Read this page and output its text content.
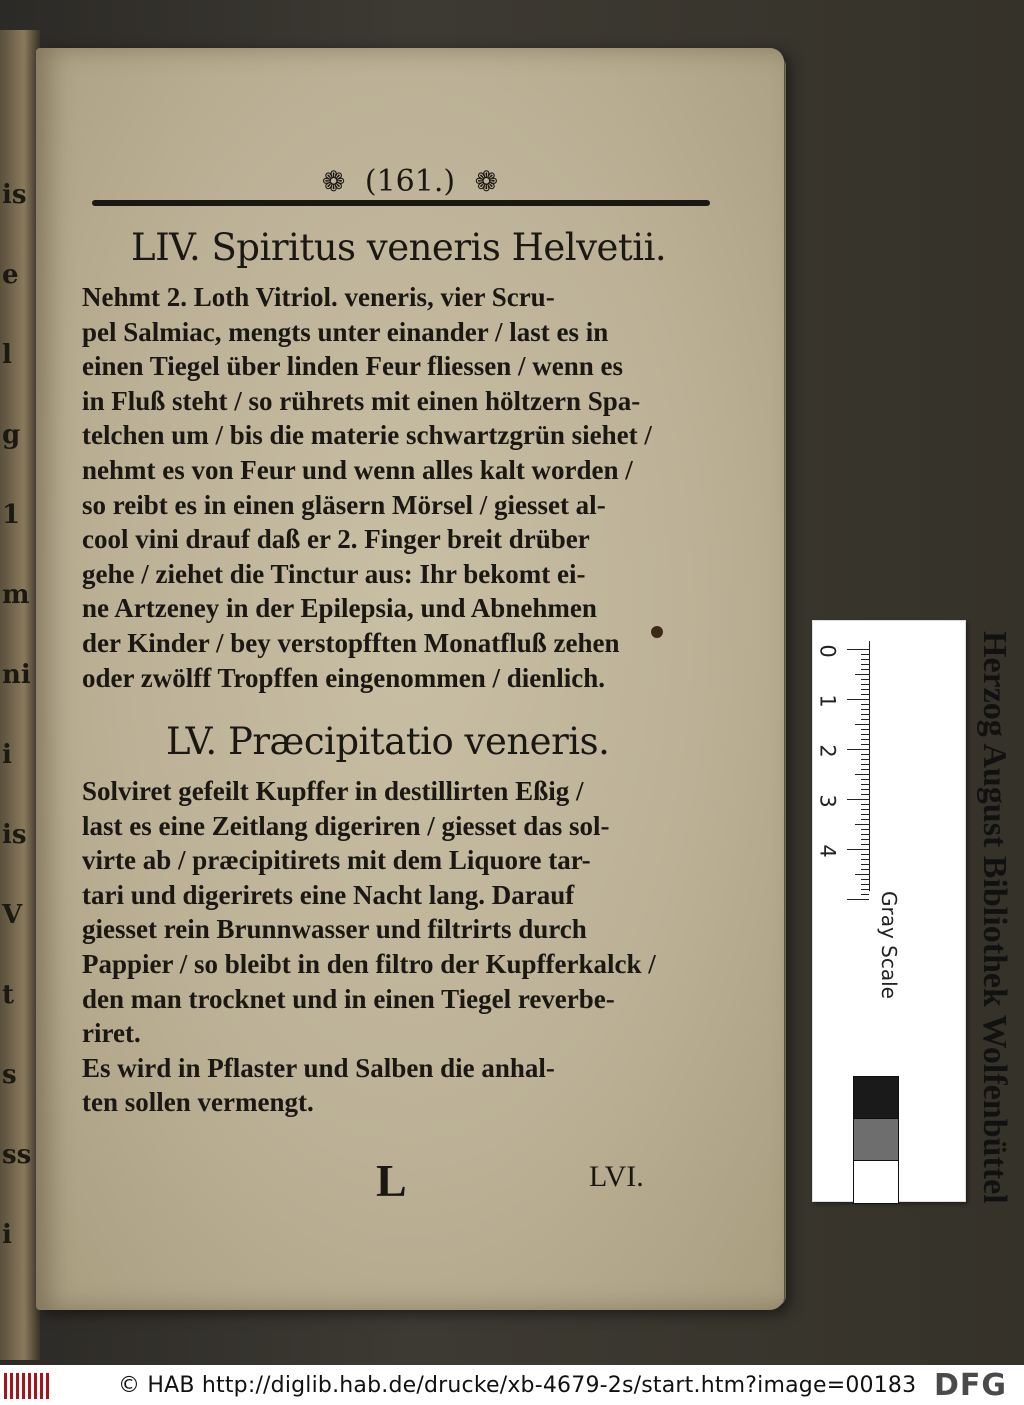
is
e
l
g
1
m
ni
i
is
V
t
s
ss
i
❁ (161.) ❁
LIV. Spiritus veneris Helvetii.
Nehmt 2. Loth Vitriol. veneris, vier Scru-
pel Salmiac, mengts unter einander / last es in
einen Tiegel über linden Feur fliessen / wenn es
in Fluß steht / so rührets mit einen höltzern Spa-
telchen um / bis die materie schwartzgrün siehet /
nehmt es von Feur und wenn alles kalt worden /
so reibt es in einen gläsern Mörsel / giesset al-
cool vini drauf daß er 2. Finger breit drüber
gehe / ziehet die Tinctur aus: Ihr bekomt ei-
ne Artzeney in der Epilepsia, und Abnehmen
der Kinder / bey verstopfften Monatfluß zehen
oder zwölff Tropffen eingenommen / dienlich.
LV. Præcipitatio veneris.
Solviret gefeilt Kupffer in destillirten Eßig /
last es eine Zeitlang digeriren / giesset das sol-
virte ab / præcipitirets mit dem Liquore tar-
tari und digerirets eine Nacht lang. Darauf
giesset rein Brunnwasser und filtrirts durch
Pappier / so bleibt in den filtro der Kupfferkalck /
den man trocknet und in einen Tiegel reverbe-
riret.
Es wird in Pflaster und Salben die anhal-
ten sollen vermengt.
L	LVI.	Herzog August Bibliothek Wolfenbüttel
Gray Scale
0
1
2
3
4
© HAB http://diglib.hab.de/drucke/xb-4679-2s/start.htm?image=00183 DFG
